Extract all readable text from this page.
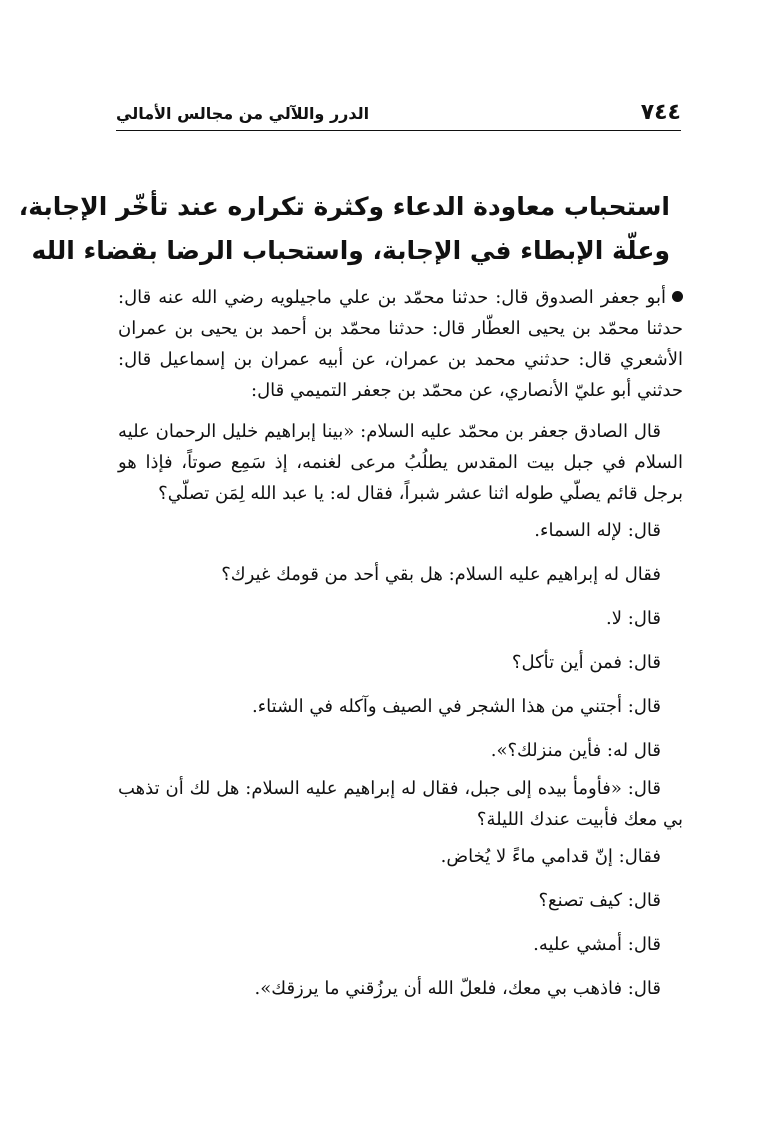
٧٤٤
الدرر واللآلي من مجالس الأمالي
استحباب معاودة الدعاء وكثرة تكراره عند تأخّر الإجابة،
وعلّة الإبطاء في الإجابة، واستحباب الرضا بقضاء الله

أبو جعفر الصدوق قال: حدثنا محمّد بن علي ماجيلويه رضي الله عنه قال: حدثنا محمّد بن يحيى العطّار قال: حدثنا محمّد بن أحمد بن يحيى بن عمران الأشعري قال: حدثني محمد بن عمران، عن أبيه عمران بن إسماعيل قال: حدثني أبو عليّ الأنصاري، عن محمّد بن جعفر التميمي قال:

قال الصادق جعفر بن محمّد عليه السلام: «بينا إبراهيم خليل الرحمان عليه السلام في جبل بيت المقدس يطلُبُ مرعى لغنمه، إذ سَمِع صوتاً، فإذا هو برجل قائم يصلّي طوله اثنا عشر شبراً، فقال له: يا عبد الله لِمَن تصلّي؟

قال: لإله السماء.

فقال له إبراهيم عليه السلام: هل بقي أحد من قومك غيرك؟

قال: لا.

قال: فمن أين تأكل؟

قال: أجتني من هذا الشجر في الصيف وآكله في الشتاء.

قال له: فأين منزلك؟».

قال: «فأومأ بيده إلى جبل، فقال له إبراهيم عليه السلام: هل لك أن تذهب بي معك فأبيت عندك الليلة؟

فقال: إنّ قدامي ماءً لا يُخاض.

قال: كيف تصنع؟

قال: أمشي عليه.

قال: فاذهب بي معك، فلعلّ الله أن يرزُقني ما يرزقك».
